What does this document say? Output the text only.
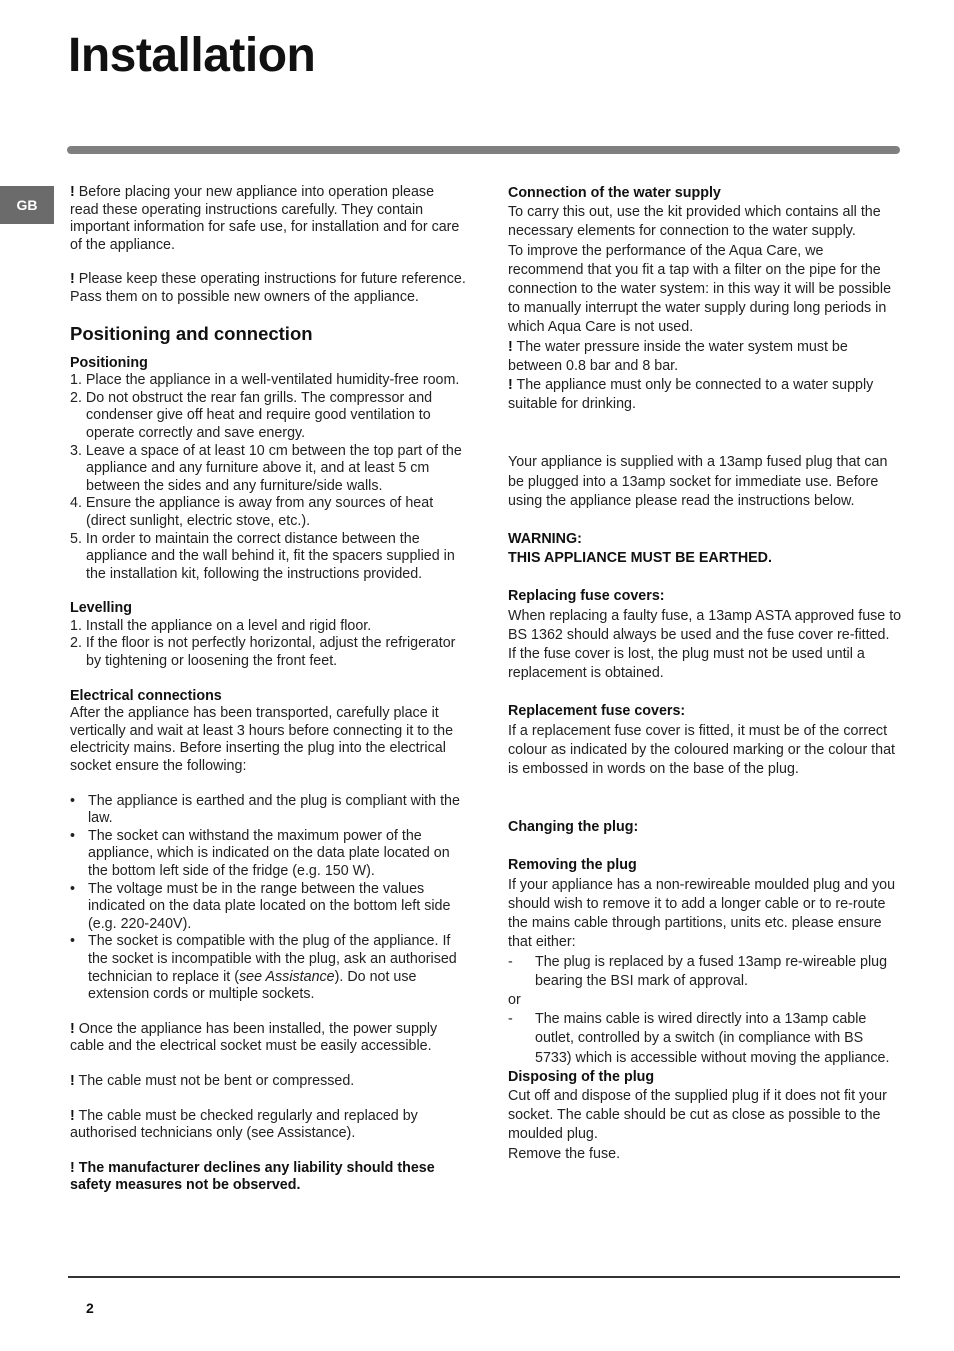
Installation
GB

! Before placing your new appliance into operation please read these operating instructions carefully. They contain important information for safe use, for installation and for care of the appliance.

! Please keep these operating instructions for future reference. Pass them on to possible new owners of the appliance.

Positioning and connection

Positioning

1. Place the appliance in a well-ventilated humidity-free room.
2. Do not obstruct the rear fan grills. The compressor and condenser give off heat and require good ventilation to operate correctly and save energy.
3. Leave a space of at least 10 cm between the top part of the appliance and any furniture above it, and at least 5 cm between the sides and any furniture/side walls.
4. Ensure the appliance is away from any sources of heat (direct sunlight, electric stove, etc.).
5. In order to maintain the correct distance between the appliance and the wall behind it, fit the spacers supplied in the installation kit, following the instructions provided.

Levelling

1. Install the appliance on a level and rigid floor.
2. If the floor is not perfectly horizontal, adjust the refrigerator by tightening or loosening the front feet.

Electrical connections

After the appliance has been transported, carefully place it vertically and wait at least 3 hours before connecting it to the electricity mains. Before inserting the plug into the electrical socket ensure the following:

• The appliance is earthed and the plug is compliant with the law.
• The socket can withstand the maximum power of the appliance, which is indicated on the data plate located on the bottom left side of the fridge (e.g. 150 W).
• The voltage must be in the range between the values indicated on the data plate located on the bottom left side (e.g. 220-240V).
• The socket is compatible with the plug of the appliance. If the socket is incompatible with the plug, ask an authorised technician to replace it (see Assistance). Do not use extension cords or multiple sockets.

! Once the appliance has been installed, the power supply cable and the electrical socket must be easily accessible.

! The cable must not be bent or compressed.

! The cable must be checked regularly and replaced by authorised technicians only (see Assistance).

! The manufacturer declines any liability should these safety measures not be observed.

Connection of the water supply

To carry this out, use the kit provided which contains all the necessary elements for connection to the water supply.

To improve the performance of the Aqua Care, we recommend that you fit a tap with a filter on the pipe for the connection to the water system: in this way it will be possible to manually interrupt the water supply during long periods in which Aqua Care is not used.

! The water pressure inside the water system must be between 0.8 bar and 8 bar.

! The appliance must only be connected to a water supply suitable for drinking.

Your appliance is supplied with a 13amp fused plug that can be plugged into a 13amp socket for immediate use. Before using the appliance please read the instructions below.

WARNING:

THIS APPLIANCE MUST BE EARTHED.

Replacing fuse covers:

When replacing a faulty fuse, a 13amp ASTA approved fuse to BS 1362 should always be used and the fuse cover re-fitted.

If the fuse cover is lost, the plug must not be used until a replacement is obtained.

Replacement fuse covers:

If a replacement fuse cover is fitted, it must be of the correct colour as indicated by the coloured marking or the colour that is embossed in words on the base of the plug.

Changing the plug:

Removing the plug

If your appliance has a non-rewireable moulded plug and you should wish to remove it to add a longer cable or to re-route the mains cable through partitions, units etc. please ensure that either:

- The plug is replaced by a fused 13amp re-wireable plug bearing the BSI mark of approval.

or

- The mains cable is wired directly into a 13amp cable outlet, controlled by a switch (in compliance with BS 5733) which is accessible without moving the appliance.

Disposing of the plug

Cut off and dispose of the supplied plug if it does not fit your socket. The cable should be cut as close as possible to the moulded plug.

Remove the fuse.

2
